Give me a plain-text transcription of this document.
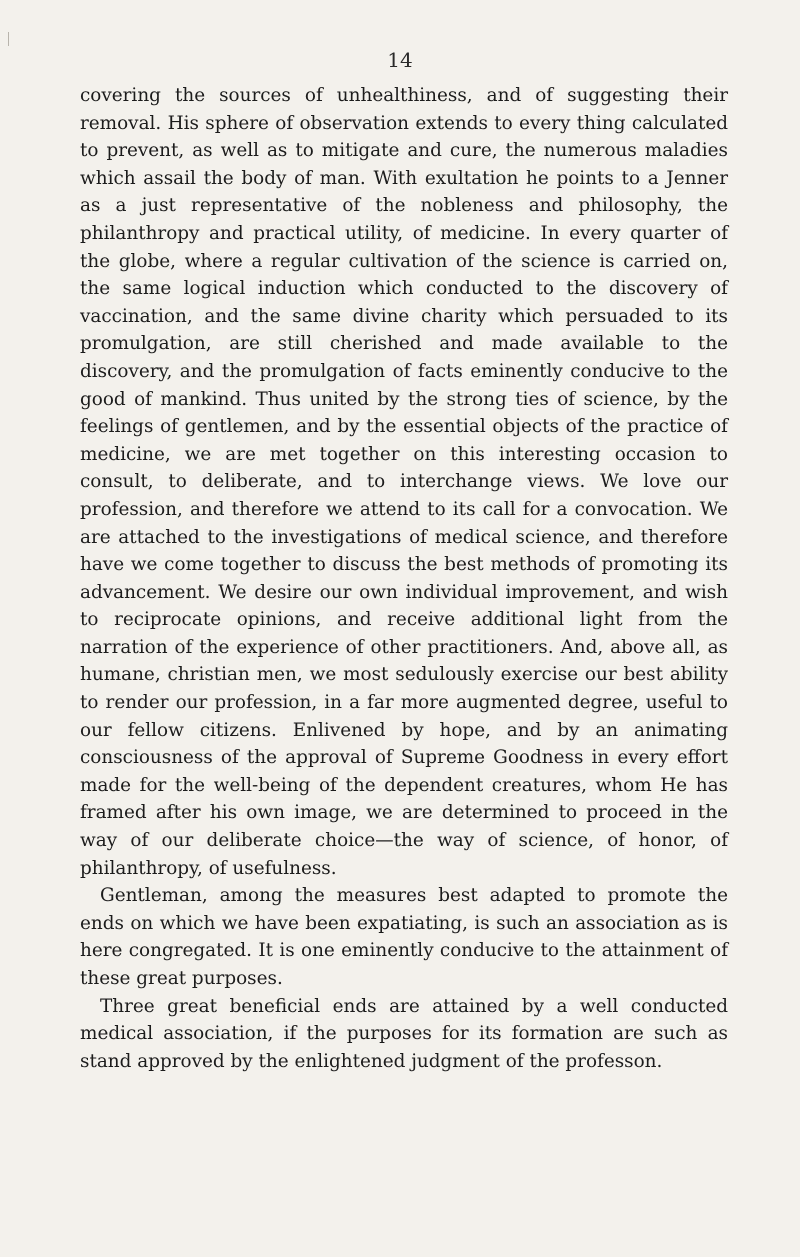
14

covering the sources of unhealthiness, and of suggesting their removal. His sphere of observation extends to every thing calculated to prevent, as well as to mitigate and cure, the numerous maladies which assail the body of man. With exultation he points to a Jenner as a just representative of the nobleness and philosophy, the philanthropy and practical utility, of medicine. In every quarter of the globe, where a regular cultivation of the science is carried on, the same logical induction which conducted to the discovery of vaccination, and the same divine charity which persuaded to its promulgation, are still cherished and made available to the discovery, and the promulgation of facts eminently conducive to the good of mankind. Thus united by the strong ties of science, by the feelings of gentlemen, and by the essential objects of the practice of medicine, we are met together on this interesting occasion to consult, to deliberate, and to interchange views. We love our profession, and therefore we attend to its call for a convocation. We are attached to the investigations of medical science, and therefore have we come together to discuss the best methods of promoting its advancement. We desire our own individual improvement, and wish to reciprocate opinions, and receive additional light from the narration of the experience of other practitioners. And, above all, as humane, christian men, we most sedulously exercise our best ability to render our profession, in a far more augmented degree, useful to our fellow citizens. Enlivened by hope, and by an animating consciousness of the approval of Supreme Goodness in every effort made for the well-being of the dependent creatures, whom He has framed after his own image, we are determined to proceed in the way of our deliberate choice—the way of science, of honor, of philanthropy, of usefulness.

Gentleman, among the measures best adapted to promote the ends on which we have been expatiating, is such an association as is here congregated. It is one eminently conducive to the attainment of these great purposes.

Three great beneficial ends are attained by a well conducted medical association, if the purposes for its formation are such as stand approved by the enlightened judgment of the professon.
